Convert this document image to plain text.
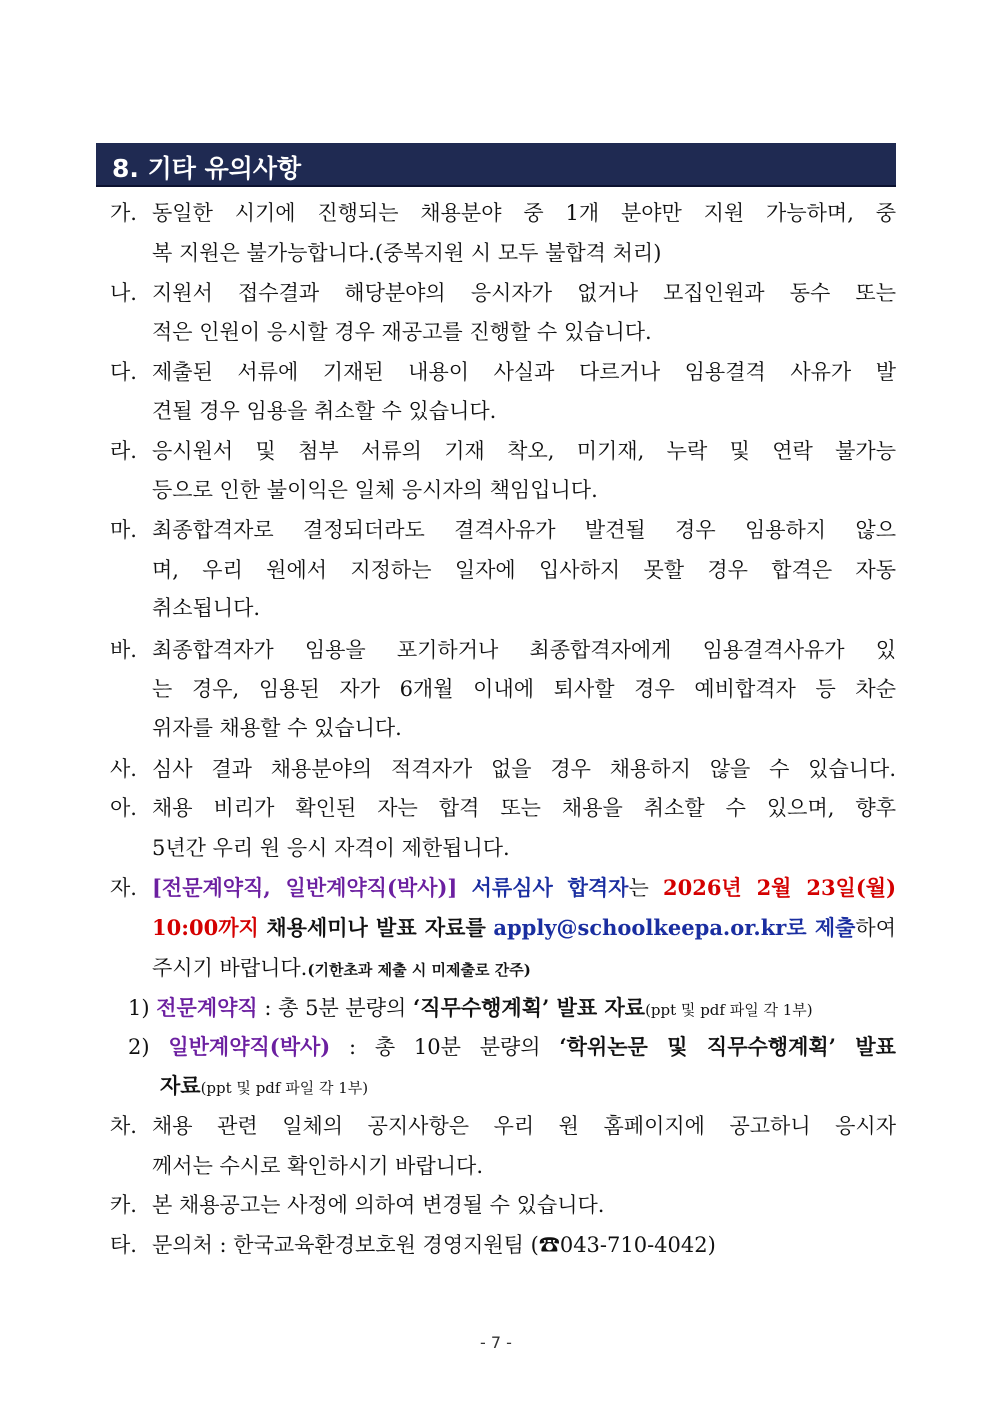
8. 기타 유의사항
가. 동일한 시기에 진행되는 채용분야 중 1개 분야만 지원 가능하며, 중
복 지원은 불가능합니다.(중복지원 시 모두 불합격 처리)
나. 지원서 접수결과 해당분야의 응시자가 없거나 모집인원과 동수 또는
적은 인원이 응시할 경우 재공고를 진행할 수 있습니다.
다. 제출된 서류에 기재된 내용이 사실과 다르거나 임용결격 사유가 발
견될 경우 임용을 취소할 수 있습니다.
라. 응시원서 및 첨부 서류의 기재 착오, 미기재, 누락 및 연락 불가능
등으로 인한 불이익은 일체 응시자의 책임입니다.
마. 최종합격자로 결정되더라도 결격사유가 발견될 경우 임용하지 않으
며, 우리 원에서 지정하는 일자에 입사하지 못할 경우 합격은 자동
취소됩니다.
바. 최종합격자가 임용을 포기하거나 최종합격자에게 임용결격사유가 있
는 경우, 임용된 자가 6개월 이내에 퇴사할 경우 예비합격자 등 차순
위자를 채용할 수 있습니다.
사. 심사 결과 채용분야의 적격자가 없을 경우 채용하지 않을 수 있습니다.
아. 채용 비리가 확인된 자는 합격 또는 채용을 취소할 수 있으며, 향후
5년간 우리 원 응시 자격이 제한됩니다.
자. [전문계약직, 일반계약직(박사)] 서류심사 합격자는 2026년 2월 23일(월)
10:00까지 채용세미나 발표 자료를 apply@schoolkeepa.or.kr로 제출하여
주시기 바랍니다.(기한초과 제출 시 미제출로 간주)
1) 전문계약직 : 총 5분 분량의 ‘직무수행계획’ 발표 자료(ppt 및 pdf 파일 각 1부)
2) 일반계약직(박사) : 총 10분 분량의 ‘학위논문 및 직무수행계획’ 발표
자료(ppt 및 pdf 파일 각 1부)
차. 채용 관련 일체의 공지사항은 우리 원 홈페이지에 공고하니 응시자
께서는 수시로 확인하시기 바랍니다.
카. 본 채용공고는 사정에 의하여 변경될 수 있습니다.
타. 문의처 : 한국교육환경보호원 경영지원팀 (☎043-710-4042)
- 7 -
